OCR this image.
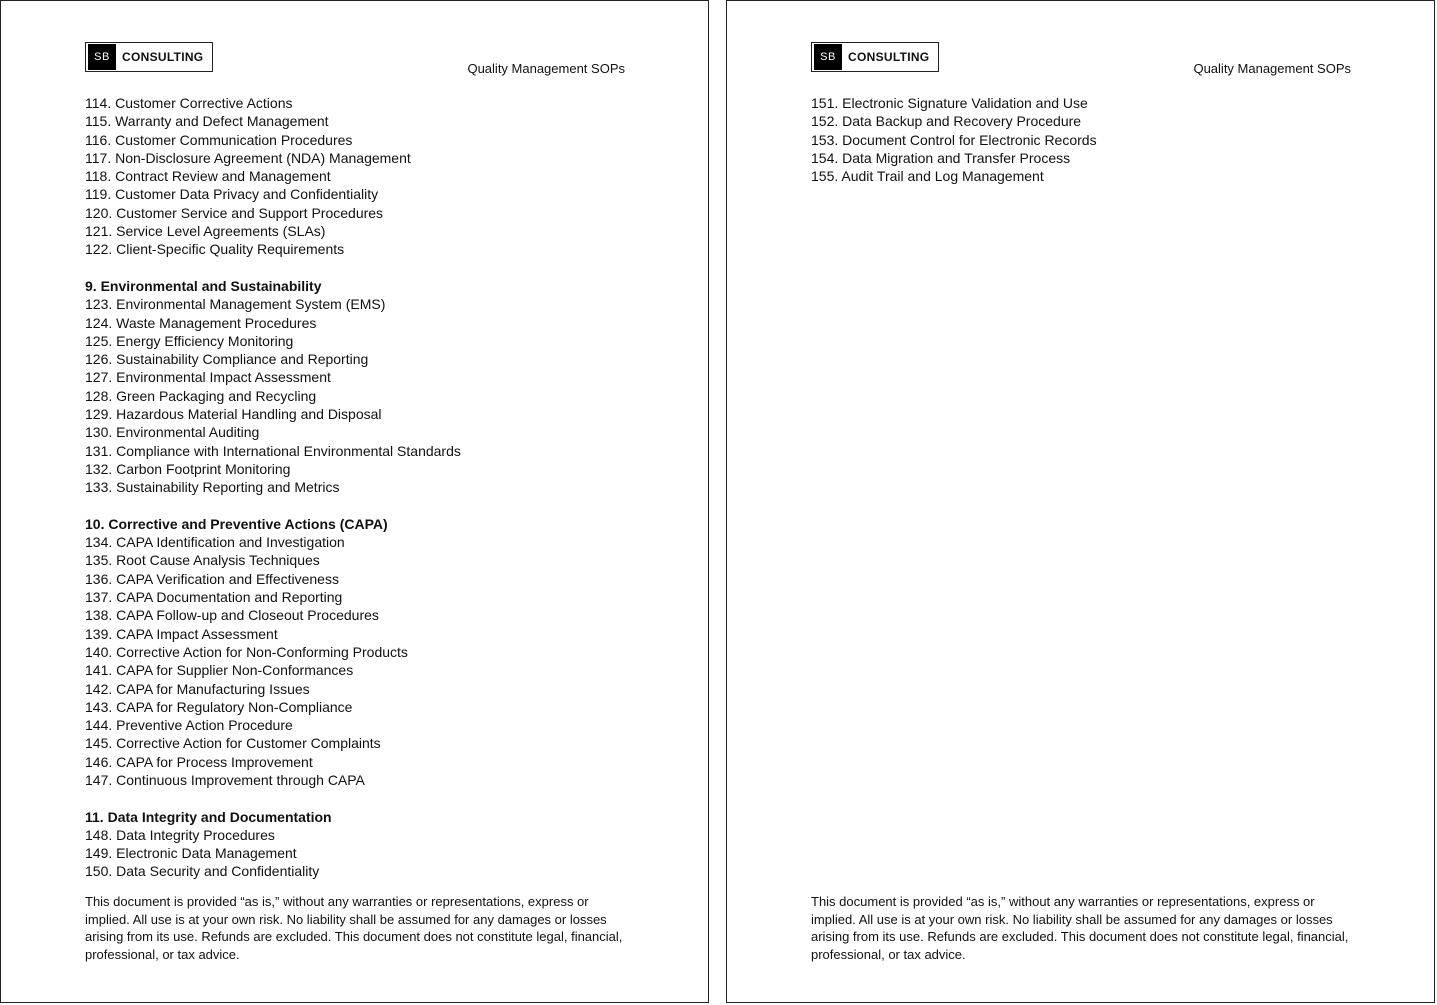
SB	CONSULTING
Quality Management SOPs
114. Customer Corrective Actions
115. Warranty and Defect Management
116. Customer Communication Procedures
117. Non-Disclosure Agreement (NDA) Management
118. Contract Review and Management
119. Customer Data Privacy and Confidentiality
120. Customer Service and Support Procedures
121. Service Level Agreements (SLAs)
122. Client-Specific Quality Requirements
9. Environmental and Sustainability
123. Environmental Management System (EMS)
124. Waste Management Procedures
125. Energy Efficiency Monitoring
126. Sustainability Compliance and Reporting
127. Environmental Impact Assessment
128. Green Packaging and Recycling
129. Hazardous Material Handling and Disposal
130. Environmental Auditing
131. Compliance with International Environmental Standards
132. Carbon Footprint Monitoring
133. Sustainability Reporting and Metrics
10. Corrective and Preventive Actions (CAPA)
134. CAPA Identification and Investigation
135. Root Cause Analysis Techniques
136. CAPA Verification and Effectiveness
137. CAPA Documentation and Reporting
138. CAPA Follow-up and Closeout Procedures
139. CAPA Impact Assessment
140. Corrective Action for Non-Conforming Products
141. CAPA for Supplier Non-Conformances
142. CAPA for Manufacturing Issues
143. CAPA for Regulatory Non-Compliance
144. Preventive Action Procedure
145. Corrective Action for Customer Complaints
146. CAPA for Process Improvement
147. Continuous Improvement through CAPA
11. Data Integrity and Documentation
148. Data Integrity Procedures
149. Electronic Data Management
150. Data Security and Confidentiality
This document is provided “as is,” without any warranties or representations, express or implied. All use is at your own risk. No liability shall be assumed for any damages or losses arising from its use. Refunds are excluded. This document does not constitute legal, financial, professional, or tax advice.
SB	CONSULTING
Quality Management SOPs
151. Electronic Signature Validation and Use
152. Data Backup and Recovery Procedure
153. Document Control for Electronic Records
154. Data Migration and Transfer Process
155. Audit Trail and Log Management
This document is provided “as is,” without any warranties or representations, express or implied. All use is at your own risk. No liability shall be assumed for any damages or losses arising from its use. Refunds are excluded. This document does not constitute legal, financial, professional, or tax advice.
